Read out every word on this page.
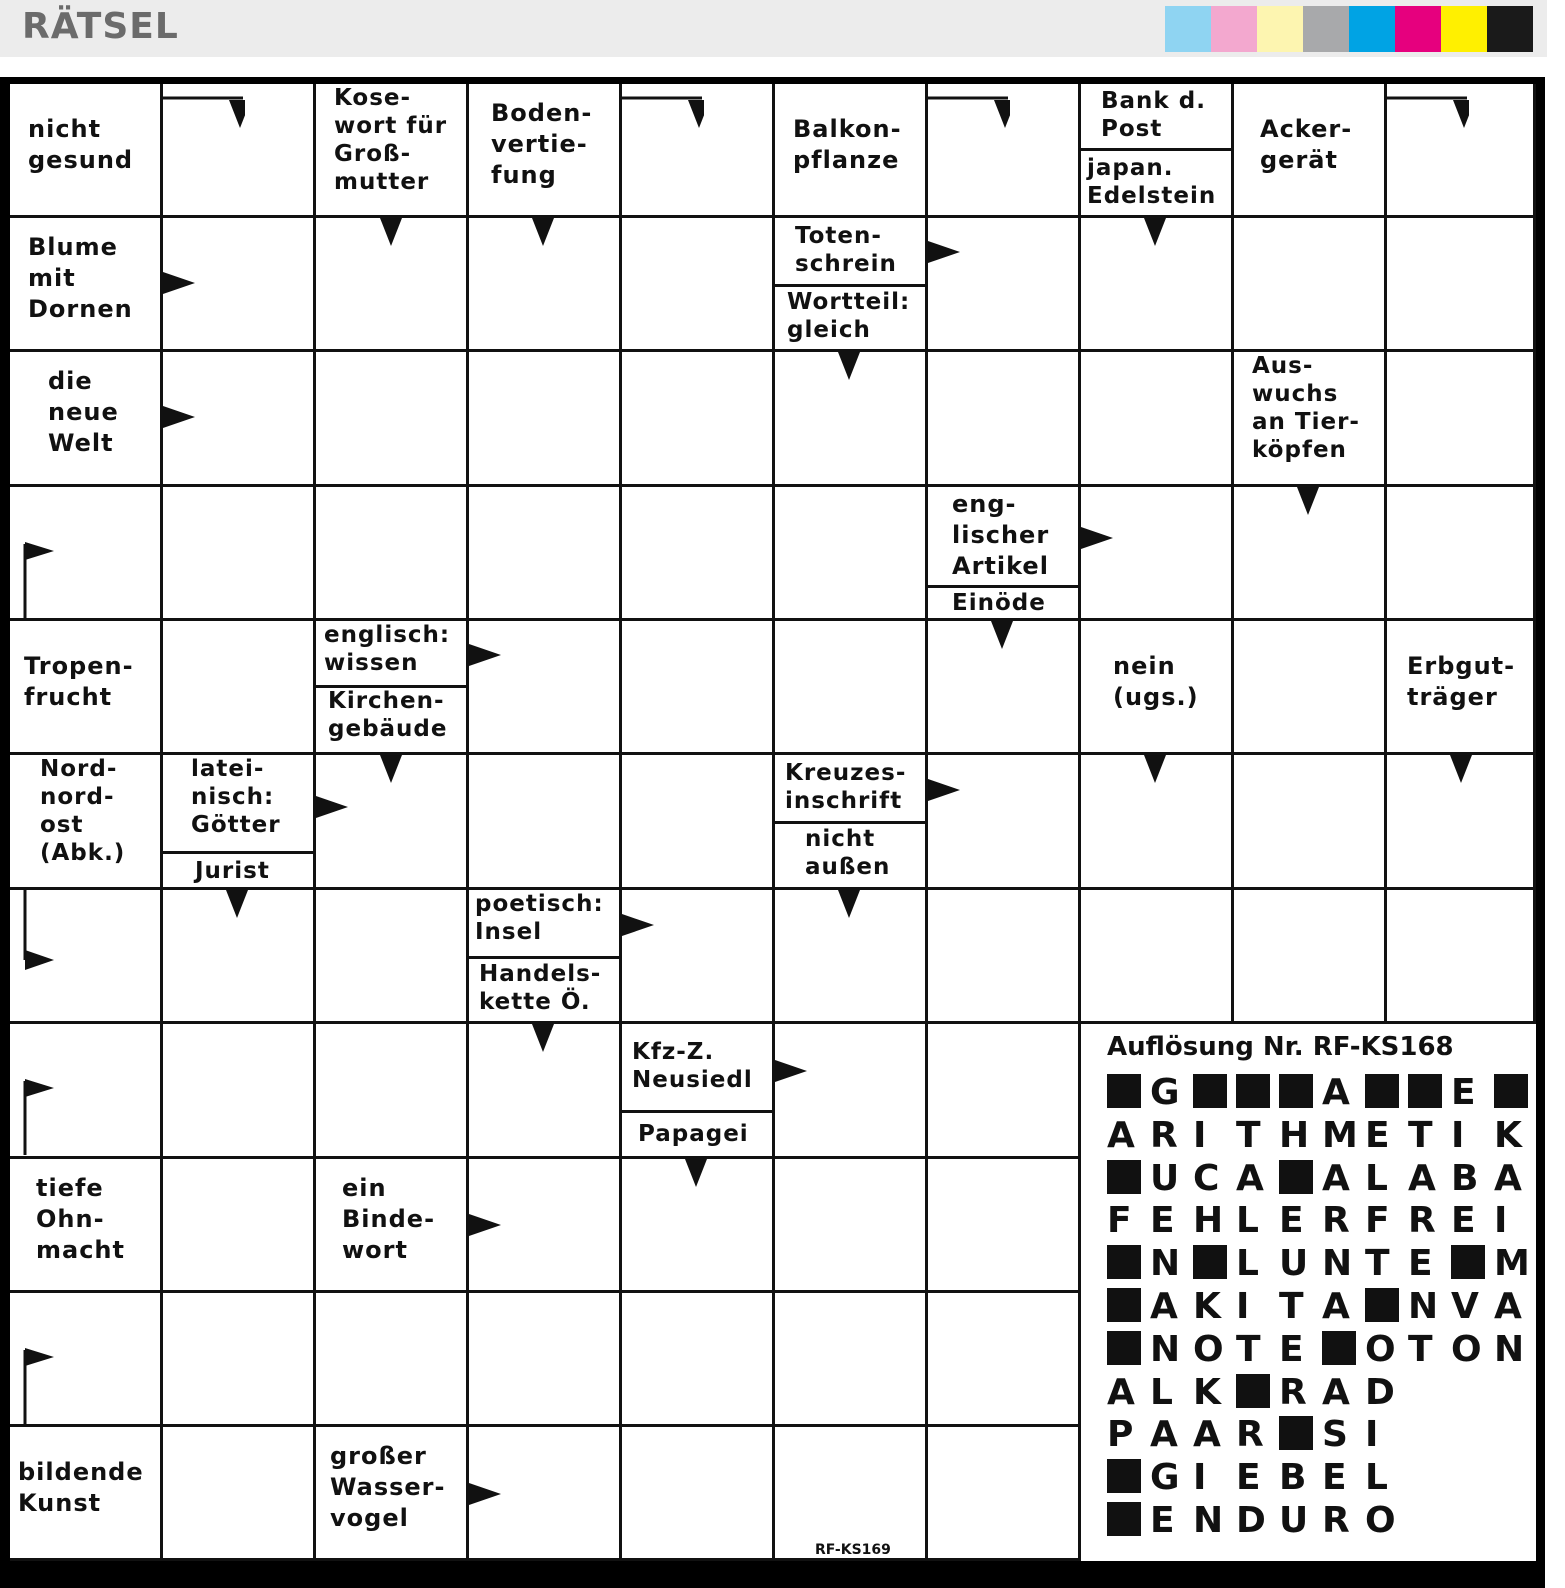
RÄTSEL
nicht
gesund
Kose-
wort für
Groß-
mutter
Boden-
vertie-
fung
Balkon-
pflanze
Bank d.
Post
japan.
Edelstein
Acker-
gerät
Blume
mit
Dornen
Toten-
schrein
Wortteil:
gleich
die
neue
Welt
Aus-
wuchs
an Tier-
köpfen
eng-
lischer
Artikel
Einöde
Tropen-
frucht
englisch:
wissen
Kirchen-
gebäude
nein
(ugs.)
Erbgut-
träger
Nord-
nord-
ost
(Abk.)
latei-
nisch:
Götter
Jurist
Kreuzes-
inschrift
nicht
außen
poetisch:
Insel
Handels-
kette Ö.
Kfz-Z.
Neusiedl
Papagei
tiefe
Ohn-
macht
ein
Binde-
wort
bildende
Kunst
großer
Wasser-
vogel
Auflösung Nr. RF-KS168
G	A	E
A R I T H M E T I K
U C A A L A B A
F E H L E R F R E I
N L U N T E M
A K I T A N V A
N O T E O T O N
A L K R A D
P A A R S I
G I E B E L
E N D U R O
RF-KS169
